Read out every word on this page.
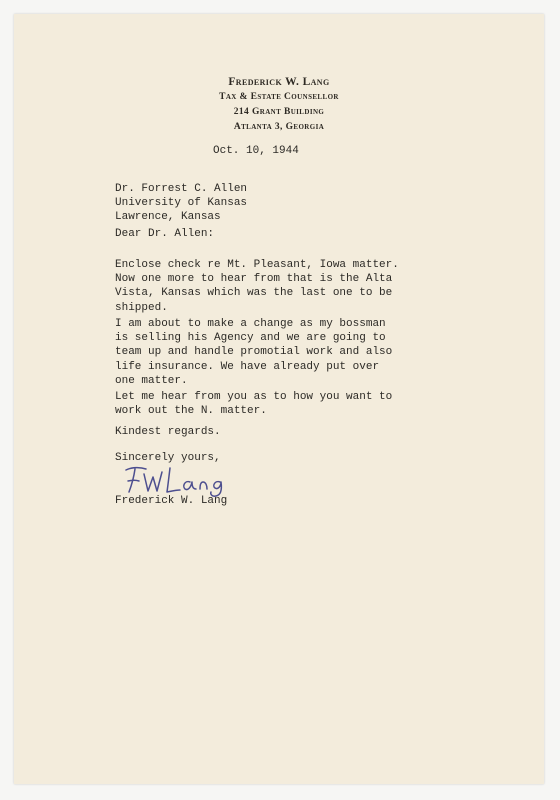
Frederick W. Lang
Tax & Estate Counsellor
214 Grant Building
Atlanta 3, Georgia
Oct. 10, 1944
Dr. Forrest C. Allen
University of Kansas
Lawrence, Kansas
Dear Dr. Allen:
Enclose check re Mt. Pleasant, Iowa matter.
Now one more to hear from that is the Alta
Vista, Kansas which was the last one to be
shipped.
I am about to make a change as my bossman
is selling his Agency and we are going to
team up and handle promotial work and also
life insurance. We have already put over
one matter.
Let me hear from you as to how you want to
work out the N. matter.
Kindest regards.
Sincerely yours,
Frederick W. Lang
